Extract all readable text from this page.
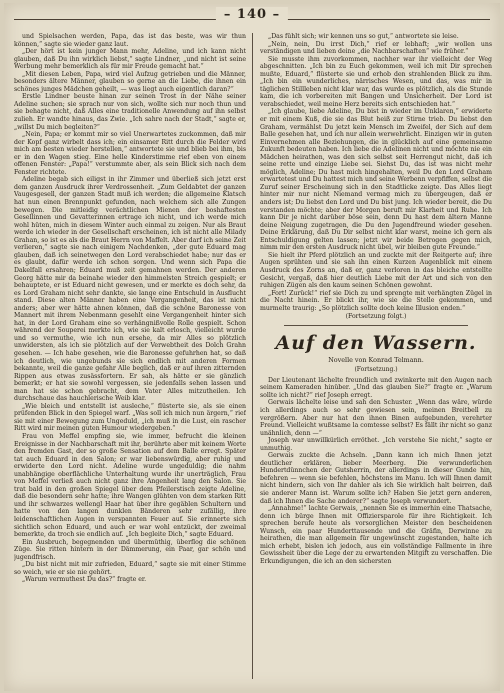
– 140 –

und Spielsachen werden, Papa, das ist das beste, was wir thun können,“ sagte sie wieder ganz laut.

„Der hört ist kein junger Mann mehr, Adeline, und ich kann nicht glauben, daß Du ihn wirklich liebst,“ sagte Lindner, „und nicht ist seine Werbung mehr bemerklich als für mir Freude gemacht hat.“

„Mit diesen Leben, Papa, wird viel Aufzug getrieben und die Männer, besonders ältere Männer, glauben so gerne an die Liebe, die ihnen ein schönes junges Mädchen geheilt, — was liegt auch eigentlich daran?“

Erstle Lindner beuste hinan zur seinen Trost in der Nähe seiner Adeline suchen; sie sprach nur von sich, wollte sich nur noch thun und sie behagte nicht, daß Alles eine traditionelle Anwendung auf ihn selbst zulieh. Er wandte hinaus, das Zwie. „Ich sahre nach der Stadt,“ sagte er, „willst Du mich begleiten?“

„Nein, Papa; er kommt mir so viel Unerwartetes zuckommen, daß mir der Kopf ganz wirbelt dass ich; ein einsamer Ritt durch die Felder wird mich am besten wieder herstellen,“ antwortete sie und blieb bei ihm, bis er in den Wagen stieg. Eine helle Kinderstimme rief eben von einem offenen Fenster: „Papa!“ verstummte aber, als sein Blick sich nach dem Fenster richtete.

Adeline begab sich eiligst in ihr Zimmer und überließ sich jetzt erst dem ganzen Ausdruck ihrer Verdrossenheit. „Zum Geldabtet der ganzen Vaugesgesell, der ganzen Stadt muß ich werden; die allgemeine Klatsch hat nun einen Brennpunkt gefunden, nach welchem sich alle Zungen bewegen. Die mitleidig verächtlichen Mienen der boshaftesten Gesellinnen und Gevatterinnen ertrage ich nicht, und ich werde mich wohl hüten, mich in diesem Winter auch einmal zu zeigen. Nur als Braut werde ich wieder in der Gesellschaft erscheinen, ich ist nicht alle Milady Grahan, so ist es als die Braut Herrn von Maffelt. Aber darf ich seine Zeit verlieren,“ sagte sie nach einigem Nachdenken, „der gute Eduard mag glauben, daß ich seinetwegen den Lord verabschiedet habe; nur das er es glaubt, dafür werde ich schon sorgen. Und wenn sich Papa die Dakelfall ersahren; Eduard muß zeit gemahnen werden. Der anderen Georg hätte mir da beinahe wieder den himmelsten Streich gespielt; er behauptete, er ist Eduard nicht gewesen, und er merkte es doch sehr, da es Lord Graham nicht sehr dankte, sie lange eine Entschuld in Ausflucht stand. Diese alten Männer haben eine Vergangenheit, das ist nicht anders; aber wer hätte ahnen können, daß die schöne Baronesse von Mannert mit ihrem Nebenmann gesehlt eine Vergangenheit hinter sich hat, in der Lord Graham eine so verhängnißvolle Rolle gespielt. Schon während der Souperei merkte ich, wie sie kalt erlosch, vielleicht wurde und so vermuthe, wie ich nun ersehe, da mir Alles so plötzlich unwidersten, als ich sie plötzlich auf der Verwebtheit des Dolch Grahn gesehen. — Ich habe gesehen, wie die Baronesse gefuhrhen hat, so daß ich deutlich, wie ungebunds sie sich endlich mit anderen Formen bekannte, weil die ganze gefahr Alle beglich, daß er auf ihren zitternden Rippen aus etwas zusässfortern. Er sah, als hätte er sie gänzlich bemerkt; er hat sie sowohl vergessen, sie jedenfalls sehen lassen und man hat sie schon gebracht, dem Vater Alles mitzutheilen. Ich durchschaue das hauchlerische Weib klar.

„Wie bleich und entstellt ist ausleche,“ flüsterte sie, als sie einen prüfenden Blick in den Spiegel warf. „Was soll ich mich nun ärgern,“ rief sie mit einer Bewegung zum Ungeduld, „ich muß in die Lust, ein rascher Ritt wird mir meinen guten Humour wiedergeben.“

Frau von Meffel empfing sie, wie immer, befrucht die kleinen Ereignisse in der Nachbarschaft mit ihr, berührte aber mit keinem Worte den fremden Gast, der so große Sensation auf dem Balle erregt. Später tat auch Eduard in den Salon; er war liebenswürdig, aber ruhig und erwiderte den Lord nicht. Adeline wurde ungeduldig; die nahm unabhängige oberflächliche Unterhaltung wurde ihr unerträglich, Frau von Meffel verließ auch nicht ganz ihre Angenheit lang den Salon. Sie trat bald in den großen Spiegel über dem Pfeilerstisch zeigte Adeline, daß die besondern sehr hatte; ihre Wangen glühten von dem starken Ritt und ihr schwarzes wellengl Haar hat über ihre gegäblen Schultern und hatte von den langen dunklen Bänderen sehr zufällig, ihre leidenschaftlichen Augen in verspannten Feuer auf. Sie erinnerte sich sichtlich schon Eduard, und auch er war wohl entzückt, der zweimal bemerkte, da troch sie endlich auf. „Ich begleite Dich,“ sagte Eduard.

Ein Ausbruch, begegnenden und übermüthig, überflog die schönen Züge. Sie ritten hintern in der Dämmerung, ein Paar, gar schön und jugendfrisch.

„Du bist nicht mit mir zufrieden, Eduard,“ sagte sie mit einer Stimme so weich, wie er sie nie gehört.

„Warum vermuthest Du das?“ fragte er.

„Das fühlt sich; wir kennen uns so gut,“ antwortete sie leise.

„Nein, nein, Du irrst Dich,“ rief er lebhaft; „wir wollen uns verständigen und lieben deine „die Nachbarschaften“ wie früher.“

Sie musste ihm zuvorkommen, nachher war ihr vielleicht der Weg abgeschnitten. „Ich bin zu Euch gekommen, weil ich mit Dir sprechen mußte, Eduard,“ flüsterte sie und erhob den strahlenden Blick zu ihm. „Ich bin ein wunderliches, närrisches Wesen, und das, was mir in täglichen Stillleben nicht klar war, das wurde es plötzlich, als die Stunde kam, die ich vorbereiten mit Bangen und Unsicherheit. Der Lord ist verabschiedet, weil meine Herz bereits sich entschieden hat.“

„Ich glaube, liebe Adeline, Du bist in wieder im Unklaren,“ erwiderte er mit einem Kuß, die sie das Blut heiß zur Stirne trieb. Du liebst den Graham, vermählst Du jetzt kein Mensch im Zweifel, der Sich auf dem Balle gesehen hat, und ich nur allein werwehrlicht. Einzigen wir in guten Einvernehmen alle Beziehungen, die in glücklich auf eine gemeinsame Zukunft bedeuten haben. Ich liebe die Adelinen nicht und möchte nie ein Mädchen heirathen, was den sich selbst seit Herrengut nicht, daß ich seine rette und einzige Liebe sei. Siehst Du, das ist was nicht mehr möglich, Adeline; Du hast mich hingehalten, weil Du den Lord Graham erwartetest und Du hattest mich und seine Werbenn verpfiffen, selbst die Zuruf seiner Erscheinung sich in den Stadtlicke zeigte. Das Alles liegt hinter mir nur nicht Niemand vermag mich zu übergeugen, daß er anders ist; Du liebst den Lord und Du bist jung. Ich wieder bereit, die Du verstanden möchte; aber der Morgen beruft mir Klarheit und Ruhe. Ich kann Dir je nicht darüber böse sein, denn Du hast dem ältern Manne deine Neigung zugetragen, die Du den Jugendfreund wieder gesehen. Deine Erklärung, daß Du Dir selbst nicht klar warst, meine ich gern als Entschuldigung gelten lassen; jetzt wir beide Betrogen gegen mich, nimm mir den ersten Ausdruck nicht übel, wir bleiben gute Freunde.“

Sie hielt ihr Pferd plötzlich an und zuckte mit der Reitgerte auf; ihre Augen sprühten und sie sah ihn einen Kurzen Augenblick mit einem Ausdruck des Zorns an, daß er, ganz verloren in das bleiche entstellte Gesicht, vergaß, daß hier deutlich Liebe mit der Art und sich von den ruhigen Zügen als den kaum seinen Schönen gewohnt.

„Fort! Zurück!“ rief sie Dich zu und sprengte mit verhängten Zügel in die Nacht hinein. Er blickt ihr, wie sie die Stelle gekommen, und murmelte traurig: „So plötzlich sollte doch keine Illusion enden.“

(Fortsetzung folgt.)

Auf den Wassern.
Novelle von Konrad Telmann.
(Fortsetzung.)

Der Lieutenant lächelte freundlich und zwinkerte mit den Augen nach seinem Kameraden hinüber. „Und das glauben Sie?“ fragte er. „Warum sollte ich nicht?“ rief Joseph erregt.

Gerwais lächelte leise und sah den Schuster. „Wenn das wäre, würde ich allerdings auch so sehr gewiesen sein, meinen Breitbell zu vergrößern. Aber nur hat den ihnen Binen aufgebunden, verehrter Freund. Vielleicht wußtsame la comtesse selbst? Es fällt ihr nicht so ganz unähnlich, denn —“

Joseph war unwillkürlich erröthet. „Ich verstehe Sie nicht,“ sagte er unmuthig.

Gerwais zuckte die Achseln. „Dann kann ich mich Ihnen jetzt deutlicher erklären, lieber Meerberg. Die verwunderlichen Hundertdünnchen der Gutsherrin, der allerdings in dieser Gunde hin, befehren — wenn sie befehlen, höchstens im Manu. Ich will Ihnen damit nicht hindern, sich von Ihr dahler als ich Sie wirklich halt beirren, daß sie anderer Mann ist. Warum sollte ich? Haben Sie jetzt gern anderen, daß ich Ihnen die Sache anderer?“ sagte Joseph verwundert.

„Annahme!“ lachte Gerwais, „nennen Sie es immerhin eine Thatsache, denn ich bürge Ihnen mit Offiziersparole für ihre Richtigkeit. Ich sprechen berufe heute als vorsorglichen Meister den bescheidenen Wunsch, ein paar Hunderttausende und die Gräfin, Derwinne zu heirathen, die man allgemein für ungewünscht zugestanden, halte ich mich erhebt, bislen ich jedoch, aus ein vollständige Fallmente in ihre Gewissheit über die Lege der zu erwartenden Mitgift zu verschaffen. Die Erkundigungen, die ich an den sichersten
